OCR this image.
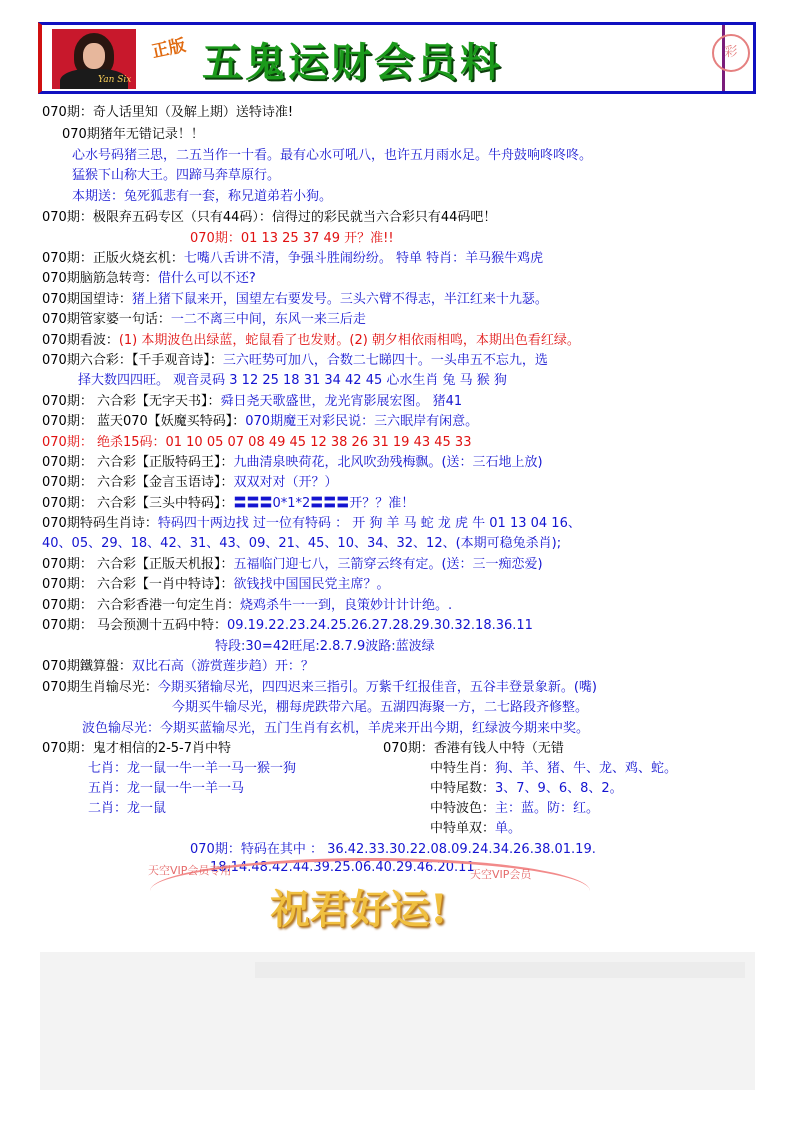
Yan Six
正版 五鬼运财会员料	彩
070期：奇人话里知（及解上期）送特诗准!
070期猪年无错记录！！
心水号码猪三思，二五当作一十看。最有心水可吼八，也许五月雨水足。牛舟鼓响咚咚咚。
猛猴下山称大王。四蹄马奔草原行。
本期送：兔死狐悲有一套，称兄道弟若小狗。
070期：极限弃五码专区（只有44码）：信得过的彩民就当六合彩只有44码吧！
070期：01 13 25 37 49 开？准!!
070期：正版火烧玄机：七嘴八舌讲不清，争强斗胜闹纷纷。 特单 特肖：羊马猴牛鸡虎
070期脑筋急转弯：借什么可以不还?
070期国望诗：猪上猪下鼠来开，国望左右要发号。三头六臂不得志，半江红来十九瑟。
070期管家婆一句话：一二不离三中间，东风一来三后走
070期看波：(1) 本期波色出绿蓝，蛇鼠看了也发财。(2) 朝夕相依雨相鸣，本期出色看红绿。
070期六合彩：【千手观音诗】：三六旺势可加八，合数二七睇四十。一头串五不忘九，选
择大数四四旺。 观音灵码 3 12 25 18 31 34 42 45 心水生肖 兔 马 猴 狗
070期： 六合彩【无字天书】：舜日尧天歌盛世，龙光宵影展宏图。 猪41
070期： 蓝天070【妖魔买特码】：070期魔王对彩民说：三六眠岸有闲意。
070期： 绝杀15码：01 10 05 07 08 49 45 12 38 26 31 19 43 45 33
070期： 六合彩【正版特码王】：九曲清泉映荷花，北风吹劲残梅飘。(送：三石地上放)
070期： 六合彩【金言玉语诗】：双双对对（开？）
070期： 六合彩【三头中特码】：〓〓〓0*1*2〓〓〓开？？准！
070期特码生肖诗：特码四十两边找 过一位有特码 ： 开 狗 羊 马 蛇 龙 虎 牛 01 13 04 16、
40、05、29、18、42、31、43、09、21、45、10、34、32、12、(本期可稳兔杀肖);
070期： 六合彩【正版天机报】：五福临门迎七八，三箭穿云终有定。(送：三一痴恋爱)
070期： 六合彩【一肖中特诗】：欲钱找中国国民党主席？。
070期： 六合彩香港一句定生肖：烧鸡杀牛一一到，良策妙计计计绝。.
070期： 马会预测十五码中特：09.19.22.23.24.25.26.27.28.29.30.32.18.36.11
特段:30=42旺尾:2.8.7.9波路:蓝波绿
070期鐵算盤：双比石高（游赏莲步趋）开：？
070期生肖输尽光：今期买猪输尽光，四四迟来三指引。万紫千红报佳音，五谷丰登景象新。(嘴)
今期买牛输尽光，棚每虎跌带六尾。五湖四海聚一方，二七路段齐修整。
波色输尽光：今期买蓝输尽光，五门生肖有玄机，羊虎来开出今期，红绿波今期来中奖。
070期：鬼才相信的2-5-7肖中特	070期：香港有钱人中特（无错
七肖：龙一鼠一牛一羊一马一猴一狗
五肖：龙一鼠一牛一羊一马
二肖：龙一鼠
中特生肖：狗、羊、猪、牛、龙、鸡、蛇。
中特尾数：3、7、9、6、8、2。
中特波色：主：蓝。防：红。
中特单双：单。
070期：特码在其中 ： 36.42.33.30.22.08.09.24.34.26.38.01.19.
18.14.48.42.44.39.25.06.40.29.46.20.11
天空VIP会员专用	天空VIP会员
祝君好运!
